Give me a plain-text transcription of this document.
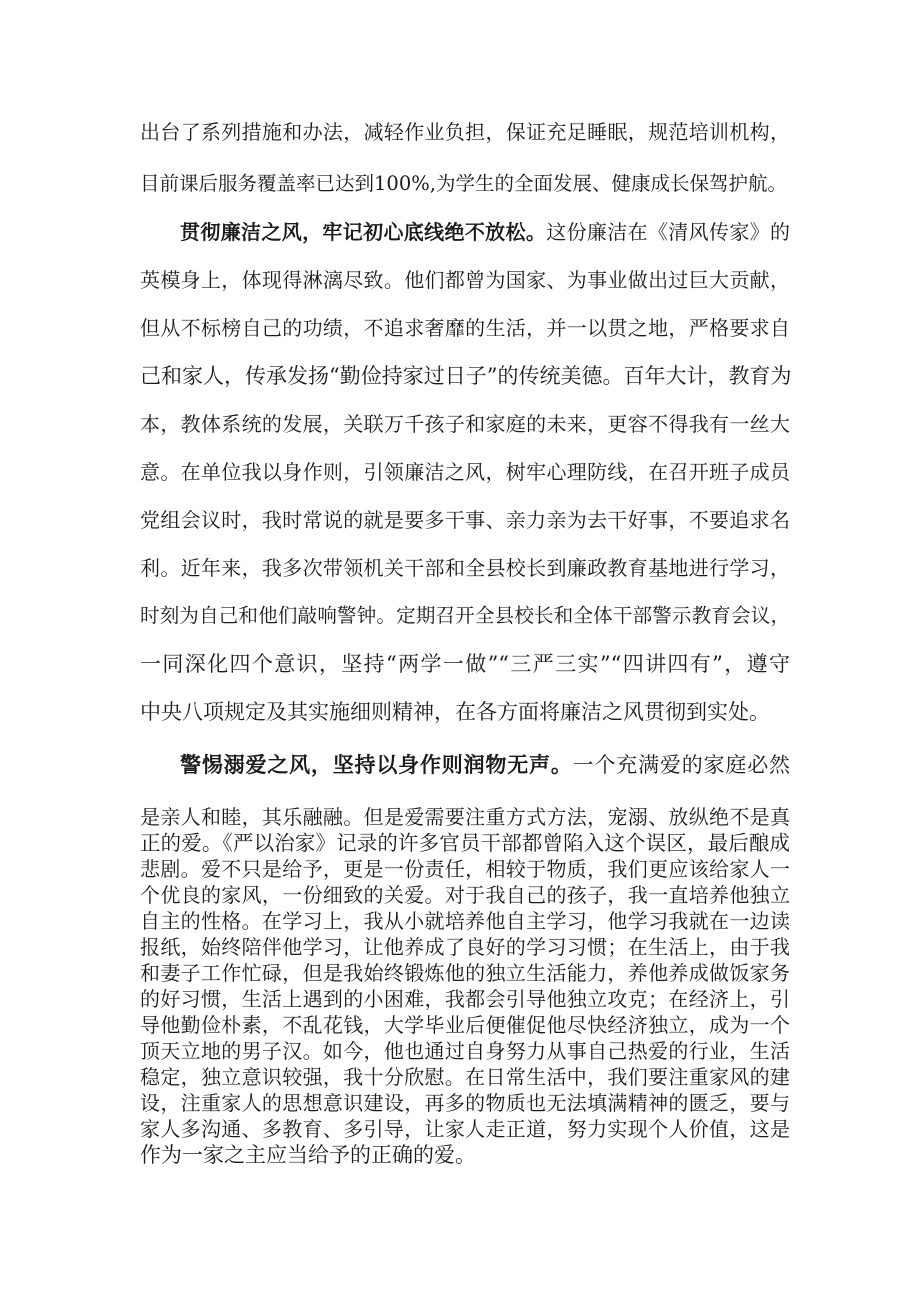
出台了系列措施和办法，减轻作业负担，保证充足睡眠，规范培训机构，
目前课后服务覆盖率已达到100%,为学生的全面发展、健康成长保驾护航。
贯彻廉洁之风，牢记初心底线绝不放松。这份廉洁在《清风传家》的
英模身上，体现得淋漓尽致。他们都曾为国家、为事业做出过巨大贡献，
但从不标榜自己的功绩，不追求奢靡的生活，并一以贯之地，严格要求自
己和家人，传承发扬“勤俭持家过日子”的传统美德。百年大计，教育为
本，教体系统的发展，关联万千孩子和家庭的未来，更容不得我有一丝大
意。在单位我以身作则，引领廉洁之风，树牢心理防线，在召开班子成员
党组会议时，我时常说的就是要多干事、亲力亲为去干好事，不要追求名
利。近年来，我多次带领机关干部和全县校长到廉政教育基地进行学习，
时刻为自己和他们敲响警钟。定期召开全县校长和全体干部警示教育会议，
一同深化四个意识，坚持“两学一做”“三严三实”“四讲四有”，遵守
中央八项规定及其实施细则精神，在各方面将廉洁之风贯彻到实处。
警惕溺爱之风，坚持以身作则润物无声。一个充满爱的家庭必然
是亲人和睦，其乐融融。但是爱需要注重方式方法，宠溺、放纵绝不是真
正的爱。《严以治家》记录的许多官员干部都曾陷入这个误区，最后酿成
悲剧。爱不只是给予，更是一份责任，相较于物质，我们更应该给家人一
个优良的家风，一份细致的关爱。对于我自己的孩子，我一直培养他独立
自主的性格。在学习上，我从小就培养他自主学习，他学习我就在一边读
报纸，始终陪伴他学习，让他养成了良好的学习习惯；在生活上，由于我
和妻子工作忙碌，但是我始终锻炼他的独立生活能力，养他养成做饭家务
的好习惯，生活上遇到的小困难，我都会引导他独立攻克；在经济上，引
导他勤俭朴素，不乱花钱，大学毕业后便催促他尽快经济独立，成为一个
顶天立地的男子汉。如今，他也通过自身努力从事自己热爱的行业，生活
稳定，独立意识较强，我十分欣慰。在日常生活中，我们要注重家风的建
设，注重家人的思想意识建设，再多的物质也无法填满精神的匮乏，要与
家人多沟通、多教育、多引导，让家人走正道，努力实现个人价值，这是
作为一家之主应当给予的正确的爱。
